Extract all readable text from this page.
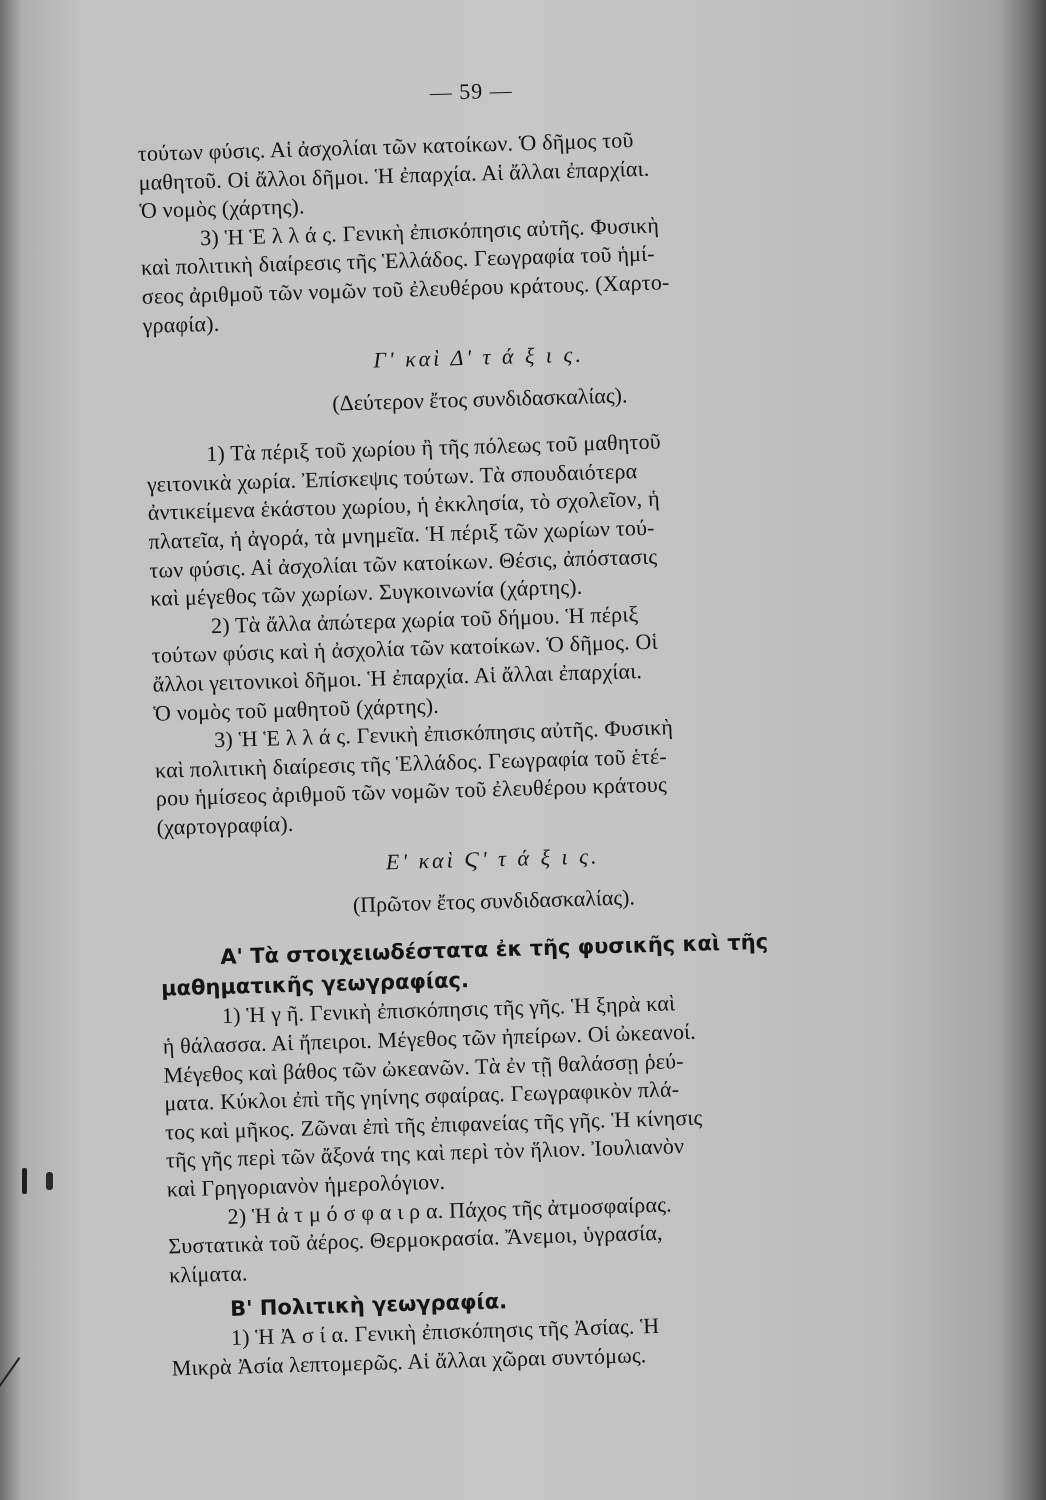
— 59 —
τούτων φύσις. Αἱ ἀσχολίαι τῶν κατοίκων. Ὁ δῆμος τοῦ
μαθητοῦ. Οἱ ἄλλοι δῆμοι. Ἡ ἐπαρχία. Αἱ ἄλλαι ἐπαρχίαι.
Ὁ νομὸς (χάρτης).
3) Ἡ Ἑ λ λ ά ς. Γενικὴ ἐπισκόπησις αὐτῆς. Φυσικὴ
καὶ πολιτικὴ διαίρεσις τῆς Ἑλλάδος. Γεωγραφία τοῦ ἡμί-
σεος ἀριθμοῦ τῶν νομῶν τοῦ ἐλευθέρου κράτους. (Χαρτο-
γραφία).
Γ' καὶ Δ' τ ά ξ ι ς.
(Δεύτερον ἔτος συνδιδασκαλίας).
1) Τὰ πέριξ τοῦ χωρίου ἢ τῆς πόλεως τοῦ μαθητοῦ
γειτονικὰ χωρία. Ἐπίσκεψις τούτων. Τὰ σπουδαιότερα
ἀντικείμενα ἑκάστου χωρίου, ἡ ἐκκλησία, τὸ σχολεῖον, ἡ
πλατεῖα, ἡ ἀγορά, τὰ μνημεῖα. Ἡ πέριξ τῶν χωρίων τού-
των φύσις. Αἱ ἀσχολίαι τῶν κατοίκων. Θέσις, ἀπόστασις
καὶ μέγεθος τῶν χωρίων. Συγκοινωνία (χάρτης).
2) Τὰ ἄλλα ἀπώτερα χωρία τοῦ δήμου. Ἡ πέριξ
τούτων φύσις καὶ ἡ ἀσχολία τῶν κατοίκων. Ὁ δῆμος. Οἱ
ἄλλοι γειτονικοὶ δῆμοι. Ἡ ἐπαρχία. Αἱ ἄλλαι ἐπαρχίαι.
Ὁ νομὸς τοῦ μαθητοῦ (χάρτης).
3) Ἡ Ἑ λ λ ά ς. Γενικὴ ἐπισκόπησις αὐτῆς. Φυσικὴ
καὶ πολιτικὴ διαίρεσις τῆς Ἑλλάδος. Γεωγραφία τοῦ ἑτέ-
ρου ἡμίσεος ἀριθμοῦ τῶν νομῶν τοῦ ἐλευθέρου κράτους
(χαρτογραφία).
Ε' καὶ Ϛ' τ ά ξ ι ς.
(Πρῶτον ἔτος συνδιδασκαλίας).
Α' Τὰ στοιχειωδέστατα ἐκ τῆς φυσικῆς καὶ τῆς
μαθηματικῆς γεωγραφίας.
1) Ἡ γ ῆ. Γενικὴ ἐπισκόπησις τῆς γῆς. Ἡ ξηρὰ καὶ
ἡ θάλασσα. Αἱ ἤπειροι. Μέγεθος τῶν ἠπείρων. Οἱ ὠκεανοί.
Μέγεθος καὶ βάθος τῶν ὠκεανῶν. Τὰ ἐν τῇ θαλάσσῃ ῥεύ-
ματα. Κύκλοι ἐπὶ τῆς γηίνης σφαίρας. Γεωγραφικὸν πλά-
τος καὶ μῆκος. Ζῶναι ἐπὶ τῆς ἐπιφανείας τῆς γῆς. Ἡ κίνησις
τῆς γῆς περὶ τῶν ἄξονά της καὶ περὶ τὸν ἥλιον. Ἰουλιανὸν
καὶ Γρηγοριανὸν ἡμερολόγιον.
2) Ἡ ἀ τ μ ό σ φ α ι ρ α. Πάχος τῆς ἀτμοσφαίρας.
Συστατικὰ τοῦ ἀέρος. Θερμοκρασία. Ἄνεμοι, ὑγρασία,
κλίματα.
Β' Πολιτικὴ γεωγραφία.
1) Ἡ Ἀ σ ί α. Γενικὴ ἐπισκόπησις τῆς Ἀσίας. Ἡ
Μικρὰ Ἀσία λεπτομερῶς. Αἱ ἄλλαι χῶραι συντόμως.
